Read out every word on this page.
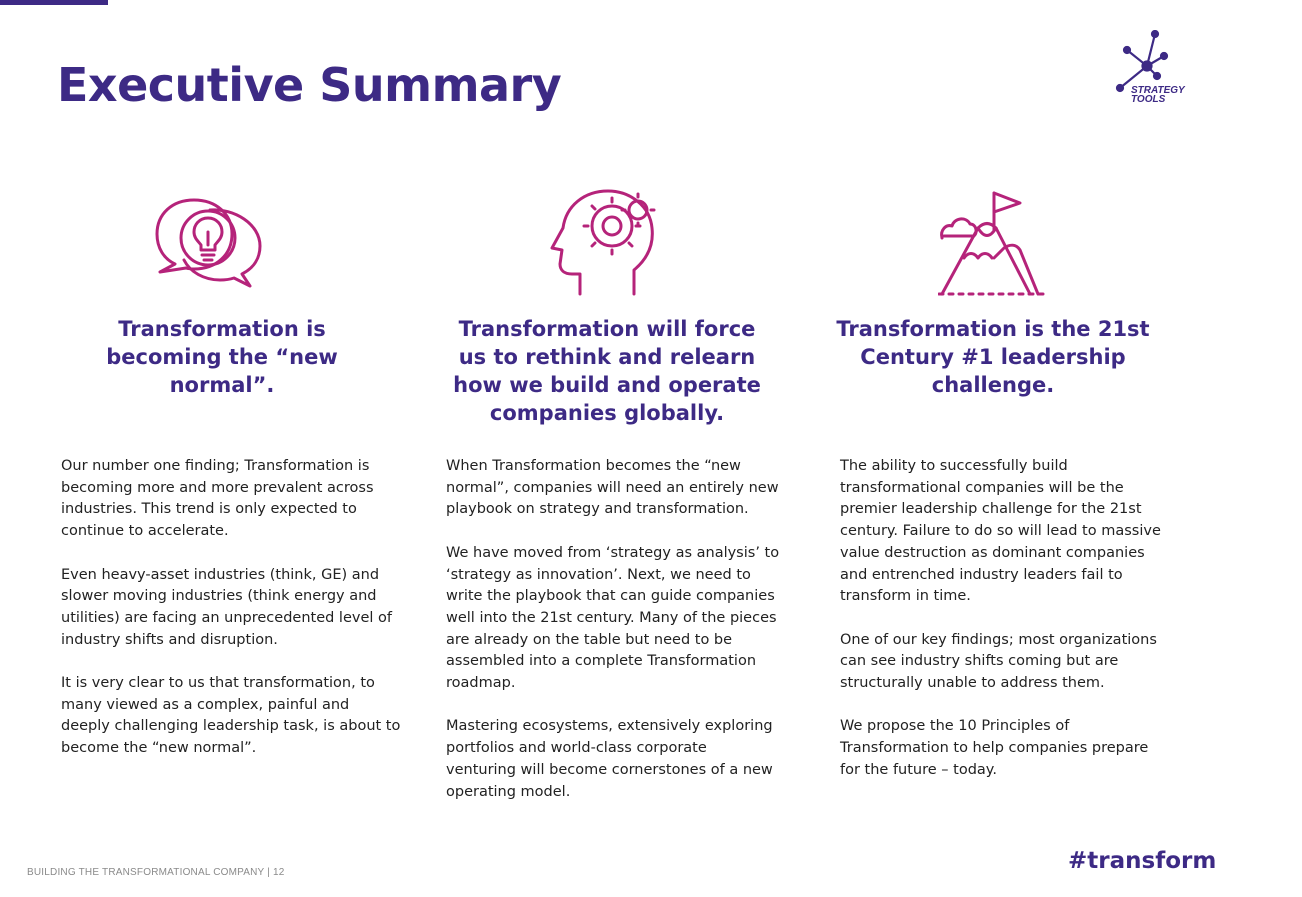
Executive Summary	STRATEGY TOOLS
Transformation is becoming the “new normal”.

Our number one finding; Transformation is becoming more and more prevalent across industries. This trend is only expected to continue to accelerate.

Even heavy-asset industries (think, GE) and slower moving industries (think energy and utilities) are facing an unprecedented level of industry shifts and disruption.

It is very clear to us that transformation, to many viewed as a complex, painful and deeply challenging leadership task, is about to become the “new normal”.

Transformation will force us to rethink and relearn how we build and operate companies globally.

When Transformation becomes the “new normal”, companies will need an entirely new playbook on strategy and transformation.

We have moved from ‘strategy as analysis’ to ‘strategy as innovation’. Next, we need to write the playbook that can guide companies well into the 21st century. Many of the pieces are already on the table but need to be assembled into a complete Transformation roadmap.

Mastering ecosystems, extensively exploring portfolios and world-class corporate venturing will become cornerstones of a new operating model.

Transformation is the 21st Century #1 leadership challenge.

The ability to successfully build transformational companies will be the premier leadership challenge for the 21st century. Failure to do so will lead to massive value destruction as dominant companies and entrenched industry leaders fail to transform in time.

One of our key findings; most organizations can see industry shifts coming but are structurally unable to address them.

We propose the 10 Principles of Transformation to help companies prepare for the future – today.

BUILDING THE TRANSFORMATIONAL COMPANY | 12	#transform
